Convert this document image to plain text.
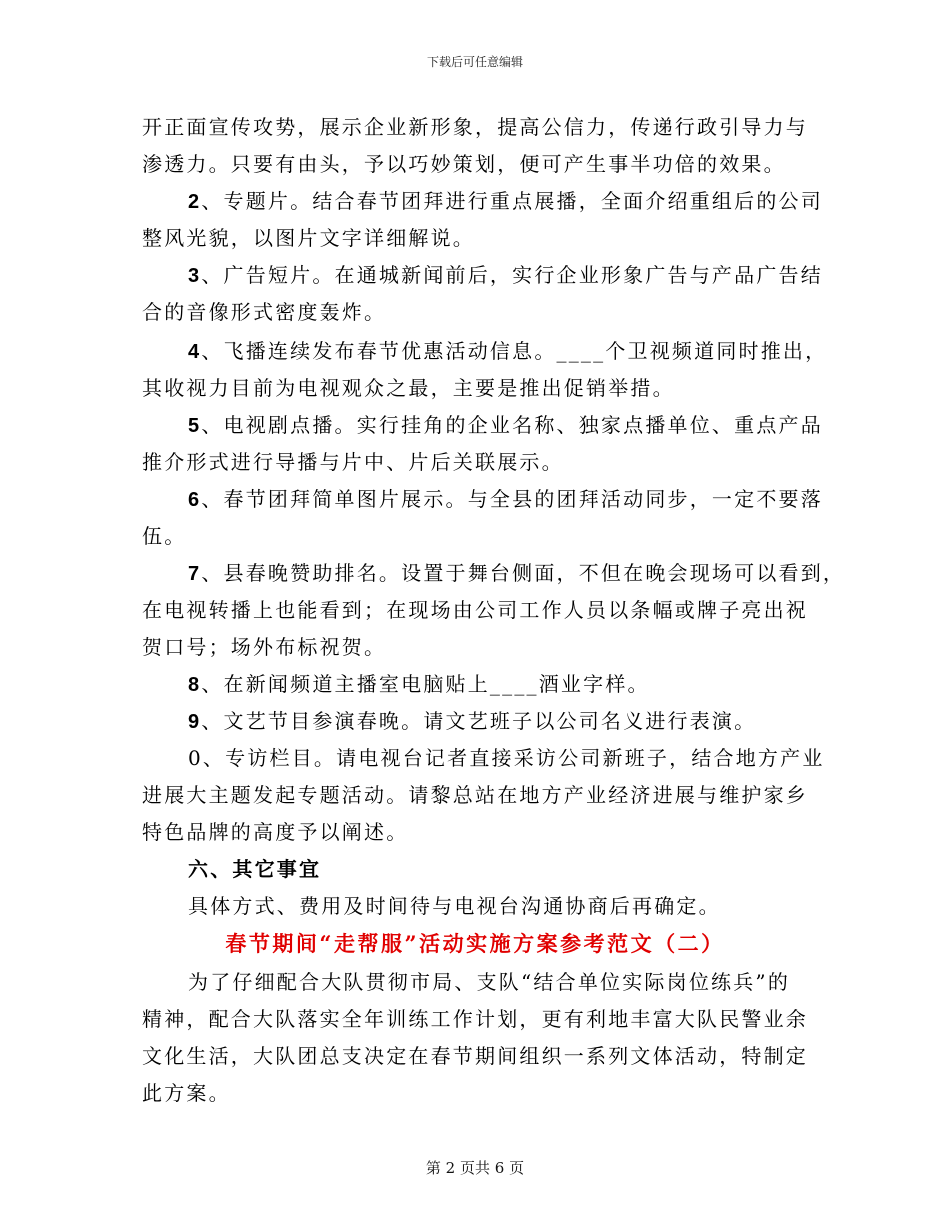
下载后可任意编辑
开正面宣传攻势，展示企业新形象，提高公信力，传递行政引导力与
渗透力。只要有由头，予以巧妙策划，便可产生事半功倍的效果。
2、专题片。结合春节团拜进行重点展播，全面介绍重组后的公司
整风光貌，以图片文字详细解说。
3、广告短片。在通城新闻前后，实行企业形象广告与产品广告结
合的音像形式密度轰炸。
4、飞播连续发布春节优惠活动信息。____个卫视频道同时推出，
其收视力目前为电视观众之最，主要是推出促销举措。
5、电视剧点播。实行挂角的企业名称、独家点播单位、重点产品
推介形式进行导播与片中、片后关联展示。
6、春节团拜简单图片展示。与全县的团拜活动同步，一定不要落
伍。
7、县春晚赞助排名。设置于舞台侧面，不但在晚会现场可以看到，
在电视转播上也能看到；在现场由公司工作人员以条幅或牌子亮出祝
贺口号；场外布标祝贺。
8、在新闻频道主播室电脑贴上____酒业字样。
9、文艺节目参演春晚。请文艺班子以公司名义进行表演。
0、专访栏目。请电视台记者直接采访公司新班子，结合地方产业
进展大主题发起专题活动。请黎总站在地方产业经济进展与维护家乡
特色品牌的高度予以阐述。
六、其它事宜
具体方式、费用及时间待与电视台沟通协商后再确定。
春节期间“走帮服”活动实施方案参考范文（二）
为了仔细配合大队贯彻市局、支队“结合单位实际岗位练兵”的
精神，配合大队落实全年训练工作计划，更有利地丰富大队民警业余
文化生活，大队团总支决定在春节期间组织一系列文体活动，特制定
此方案。
第 2 页共 6 页
